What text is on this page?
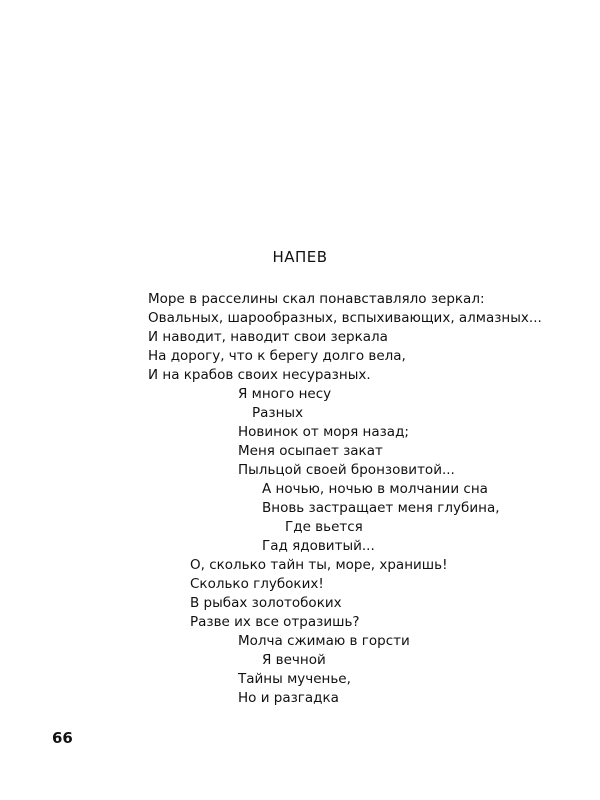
НАПЕВ
Море в расселины скал понавставляло зеркал:
Овальных, шарообразных, вспыхивающих, алмазных...
И наводит, наводит свои зеркала
На дорогу, что к берегу долго вела,
И на крабов своих несуразных.
Я много несу
Разных
Новинок от моря назад;
Меня осыпает закат
Пыльцой своей бронзовитой...
А ночью, ночью в молчании сна
Вновь застращает меня глубина,
Где вьется
Гад ядовитый...
О, сколько тайн ты, море, хранишь!
Сколько глубоких!
В рыбах золотобоких
Разве их все отразишь?
Молча сжимаю в горсти
Я вечной
Тайны мученье,
Но и разгадка
66
